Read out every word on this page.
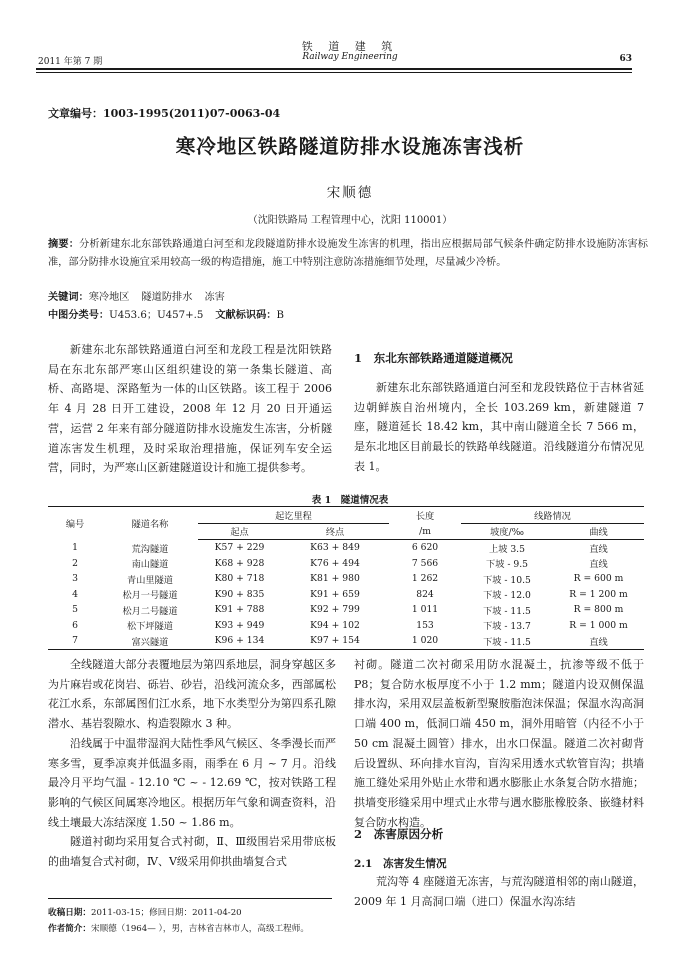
铁 道 建 筑
Railway Engineering
2011 年第 7 期	63
文章编号：1003-1995(2011)07-0063-04
寒冷地区铁路隧道防排水设施冻害浅析
宋顺德
（沈阳铁路局 工程管理中心，沈阳 110001）
摘要：分析新建东北东部铁路通道白河至和龙段隧道防排水设施发生冻害的机理，指出应根据局部气候条件确定防排水设施防冻害标准，部分防排水设施宜采用较高一级的构造措施，施工中特别注意防冻措施细节处理，尽量减少冷桥。
关键词：寒冷地区 隧道防排水 冻害
中图分类号：U453.6；U457+.5 文献标识码：B

新建东北东部铁路通道白河至和龙段工程是沈阳铁路局在东北东部严寒山区组织建设的第一条集长隧道、高桥、高路堤、深路堑为一体的山区铁路。该工程于 2006 年 4 月 28 日开工建设，2008 年 12 月 20 日开通运营，运营 2 年来有部分隧道防排水设施发生冻害，分析隧道冻害发生机理，及时采取治理措施，保证列车安全运营，同时，为严寒山区新建隧道设计和施工提供参考。

1　东北东部铁路通道隧道概况

新建东北东部铁路通道白河至和龙段铁路位于吉林省延边朝鲜族自治州境内，全长 103.269 km，新建隧道 7 座，隧道延长 18.42 km，其中南山隧道全长 7 566 m，是东北地区目前最长的铁路单线隧道。沿线隧道分布情况见表 1。

表 1　隧道情况表
编号	隧道名称	起讫里程		长度	线路情况	
		起点	终点	/m	坡度/‰	曲线
1	荒沟隧道	K57 + 229	K63 + 849	6 620	上坡 3.5	直线
2	南山隧道	K68 + 928	K76 + 494	7 566	下坡 - 9.5	直线
3	青山里隧道	K80 + 718	K81 + 980	1 262	下坡 - 10.5	R = 600 m
4	松月一号隧道	K90 + 835	K91 + 659	824	下坡 - 12.0	R = 1 200 m
5	松月二号隧道	K91 + 788	K92 + 799	1 011	下坡 - 11.5	R = 800 m
6	松下坪隧道	K93 + 949	K94 + 102	153	下坡 - 13.7	R = 1 000 m
7	富兴隧道	K96 + 134	K97 + 154	1 020	下坡 - 11.5	直线

全线隧道大部分表覆地层为第四系地层，洞身穿越区多为片麻岩或花岗岩、砾岩、砂岩，沿线河流众多，西部属松花江水系，东部属图们江水系，地下水类型分为第四系孔隙潜水、基岩裂隙水、构造裂隙水 3 种。

沿线属于中温带湿润大陆性季风气候区、冬季漫长而严寒多雪，夏季凉爽并低温多雨，雨季在 6 月 ~ 7 月。沿线最冷月平均气温 - 12.10 ℃ ~ - 12.69 ℃，按对铁路工程影响的气候区间属寒冷地区。根据历年气象和调查资料，沿线土壤最大冻结深度 1.50 ~ 1.86 m。

隧道衬砌均采用复合式衬砌，Ⅱ、Ⅲ级围岩采用带底板的曲墙复合式衬砌，Ⅳ、Ⅴ级采用仰拱曲墙复合式

衬砌。隧道二次衬砌采用防水混凝土，抗渗等级不低于 P8；复合防水板厚度不小于 1.2 mm；隧道内设双侧保温排水沟，采用双层盖板新型聚胺脂泡沫保温；保温水沟高洞口端 400 m，低洞口端 450 m，洞外用暗管（内径不小于 50 cm 混凝土圆管）排水，出水口保温。隧道二次衬砌背后设置纵、环向排水盲沟，盲沟采用透水式软管盲沟；拱墙施工缝处采用外贴止水带和遇水膨胀止水条复合防水措施；拱墙变形缝采用中埋式止水带与遇水膨胀橡胶条、嵌缝材料复合防水构造。

2　冻害原因分析
2.1　冻害发生情况

荒沟等 4 座隧道无冻害，与荒沟隧道相邻的南山隧道，2009 年 1 月高洞口端（进口）保温水沟冻结

收稿日期：2011-03-15；修回日期：2011-04-20
作者简介：宋顺德（1964— ），男，吉林省吉林市人，高级工程师。
